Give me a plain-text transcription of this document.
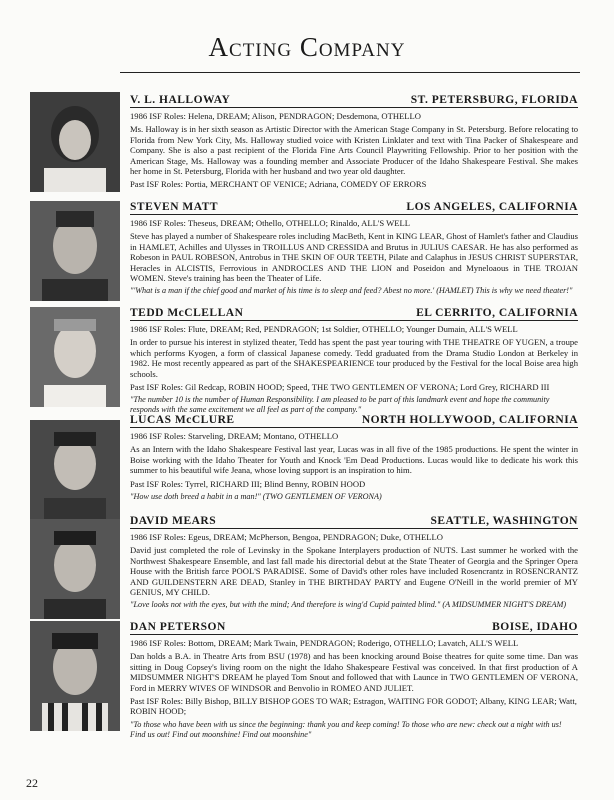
Acting Company
V. L. HALLOWAY	ST. PETERSBURG, FLORIDA
1986 ISF Roles: Helena, DREAM; Alison, PENDRAGON; Desdemona, OTHELLO
Ms. Halloway is in her sixth season as Artistic Director with the American Stage Company in St. Petersburg. Before relocating to Florida from New York City, Ms. Halloway studied voice with Kristen Linklater and text with Tina Packer of Shakespeare and Company. She is also a past recipient of the Florida Fine Arts Council Playwriting Fellowship. Prior to her position with the American Stage, Ms. Halloway was a founding member and Associate Producer of the Idaho Shakespeare Festival. She makes her home in St. Petersburg, Florida with her husband and two year old daughter.
Past ISF Roles: Portia, MERCHANT OF VENICE; Adriana, COMEDY OF ERRORS
STEVEN MATT	LOS ANGELES, CALIFORNIA
1986 ISF Roles: Theseus, DREAM; Othello, OTHELLO; Rinaldo, ALL'S WELL
Steve has played a number of Shakespeare roles including MacBeth, Kent in KING LEAR, Ghost of Hamlet's father and Claudius in HAMLET, Achilles and Ulysses in TROILLUS AND CRESSIDA and Brutus in JULIUS CAESAR. He has also performed as Robeson in PAUL ROBESON, Antrobus in THE SKIN OF OUR TEETH, Pilate and Calaphus in JESUS CHRIST SUPERSTAR, Heracles in ALCISTIS, Ferrovious in ANDROCLES AND THE LION and Poseidon and Myneloaous in THE TROJAN WOMEN. Steve's training has been the Theater of Life.
"'What is a man if the chief good and market of his time is to sleep and feed? Abest no more.' (HAMLET) This is why we need theater!"
TEDD McCLELLAN	EL CERRITO, CALIFORNIA
1986 ISF Roles: Flute, DREAM; Red, PENDRAGON; 1st Soldier, OTHELLO; Younger Dumain, ALL'S WELL
In order to pursue his interest in stylized theater, Tedd has spent the past year touring with THE THEATRE OF YUGEN, a troupe which performs Kyogen, a form of classical Japanese comedy. Tedd graduated from the Drama Studio London at Berkeley in 1982. He most recently appeared as part of the SHAKESPEARIENCE tour produced by the Festival for the local Boise area high schools.
Past ISF Roles: Gil Redcap, ROBIN HOOD; Speed, THE TWO GENTLEMEN OF VERONA; Lord Grey, RICHARD III
"The number 10 is the number of Human Responsibility. I am pleased to be part of this landmark event and hope the community responds with the same excitement we all feel as part of the company."
LUCAS McCLURE	NORTH HOLLYWOOD, CALIFORNIA
1986 ISF Roles: Starveling, DREAM; Montano, OTHELLO
As an Intern with the Idaho Shakespeare Festival last year, Lucas was in all five of the 1985 productions. He spent the winter in Boise working with the Idaho Theater for Youth and Knock 'Em Dead Productions. Lucas would like to dedicate his work this summer to his beautiful wife Jeana, whose loving support is an inspiration to him.
Past ISF Roles: Tyrrel, RICHARD III; Blind Benny, ROBIN HOOD
"How use doth breed a habit in a man!" (TWO GENTLEMEN OF VERONA)
DAVID MEARS	SEATTLE, WASHINGTON
1986 ISF Roles: Egeus, DREAM; McPherson, Bengoa, PENDRAGON; Duke, OTHELLO
David just completed the role of Levinsky in the Spokane Interplayers production of NUTS. Last summer he worked with the Northwest Shakespeare Ensemble, and last fall made his directorial debut at the State Theater of Georgia and the Springer Opera House with the British farce POOL'S PARADISE. Some of David's other roles have included Rosencrantz in ROSENCRANTZ AND GUILDENSTERN ARE DEAD, Stanley in THE BIRTHDAY PARTY and Eugene O'Neill in the world premier of MY GENIUS, MY CHILD.
"Love looks not with the eyes, but with the mind; And therefore is wing'd Cupid painted blind." (A MIDSUMMER NIGHT'S DREAM)
DAN PETERSON	BOISE, IDAHO
1986 ISF Roles: Bottom, DREAM; Mark Twain, PENDRAGON; Roderigo, OTHELLO; Lavatch, ALL'S WELL
Dan holds a B.A. in Theatre Arts from BSU (1978) and has been knocking around Boise theatres for quite some time. Dan was sitting in Doug Copsey's living room on the night the Idaho Shakespeare Festival was conceived. In that first production of A MIDSUMMER NIGHT'S DREAM he played Tom Snout and followed that with Launce in TWO GENTLEMEN OF VERONA, Ford in MERRY WIVES OF WINDSOR and Benvolio in ROMEO AND JULIET.
Past ISF Roles: Billy Bishop, BILLY BISHOP GOES TO WAR; Estragon, WAITING FOR GODOT; Albany, KING LEAR; Watt, ROBIN HOOD;
"To those who have been with us since the beginning: thank you and keep coming! To those who are new: check out a night with us! Find us out! Find out moonshine! Find out moonshine"
22
